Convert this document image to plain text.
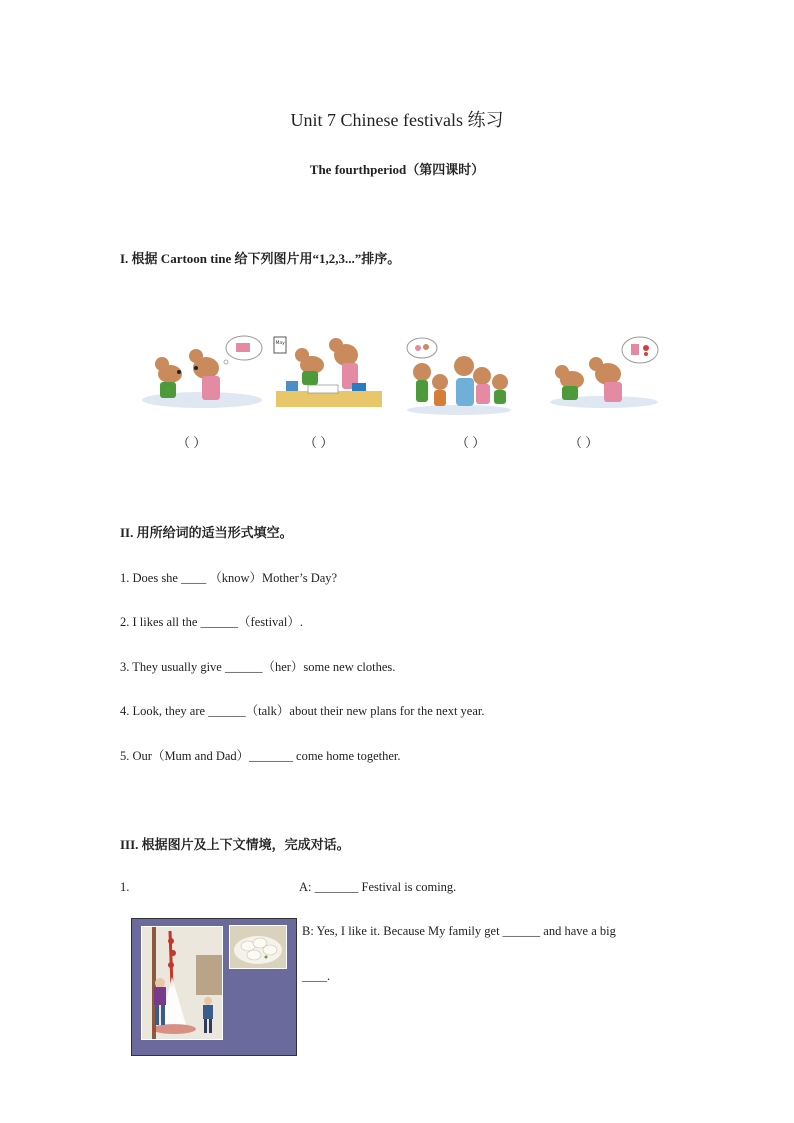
Unit 7 Chinese festivals 练习
The fourthperiod（第四课时）
I. 根据 Cartoon tine 给下列图片用“1,2,3...”排序。
May
（ ）	（ ）	（ ）	（ ）
II. 用所给词的适当形式填空。
1. Does she ____ （know）Mother’s Day?
2. I likes all the ______（festival）.
3. They usually give ______（her）some new clothes.
4. Look, they are ______（talk）about their new plans for the next year.
5. Our（Mum and Dad）_______ come home together.
III. 根据图片及上下文情境，完成对话。
1.	A: _______ Festival is coming.
B: Yes, I like it. Because My family get ______ and have a big
____.
